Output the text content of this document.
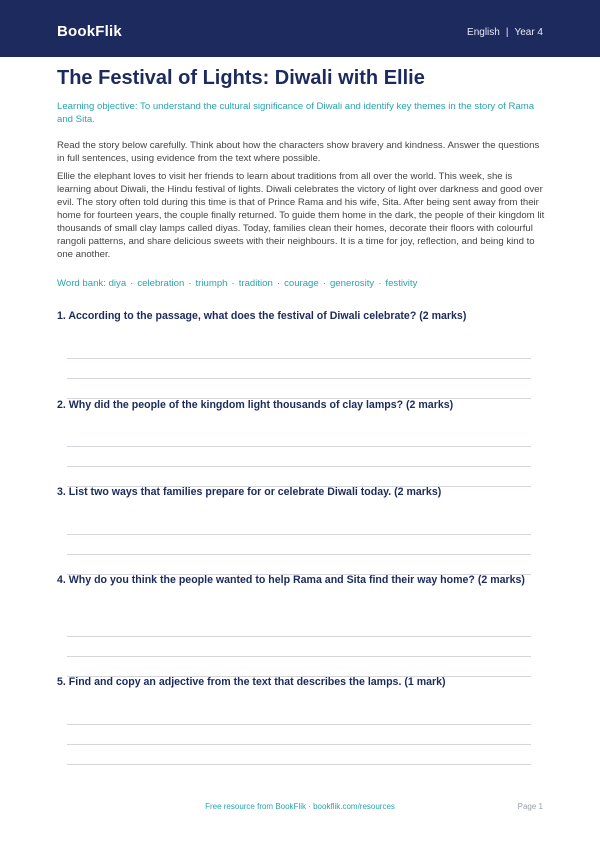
BookFlik	English | Year 4
The Festival of Lights: Diwali with Ellie

Learning objective: To understand the cultural significance of Diwali and identify key themes in the story of Rama and Sita.

Read the story below carefully. Think about how the characters show bravery and kindness. Answer the questions in full sentences, using evidence from the text where possible.

Ellie the elephant loves to visit her friends to learn about traditions from all over the world. This week, she is learning about Diwali, the Hindu festival of lights. Diwali celebrates the victory of light over darkness and good over evil. The story often told during this time is that of Prince Rama and his wife, Sita. After being sent away from their home for fourteen years, the couple finally returned. To guide them home in the dark, the people of their kingdom lit thousands of small clay lamps called diyas. Today, families clean their homes, decorate their floors with colourful rangoli patterns, and share delicious sweets with their neighbours. It is a time for joy, reflection, and being kind to one another.

Word bank: diya · celebration · triumph · tradition · courage · generosity · festivity

1. According to the passage, what does the festival of Diwali celebrate? (2 marks)

2. Why did the people of the kingdom light thousands of clay lamps? (2 marks)

3. List two ways that families prepare for or celebrate Diwali today. (2 marks)

4. Why do you think the people wanted to help Rama and Sita find their way home? (2 marks)

5. Find and copy an adjective from the text that describes the lamps. (1 mark)

Free resource from BookFlik · bookflik.com/resources	Page 1
